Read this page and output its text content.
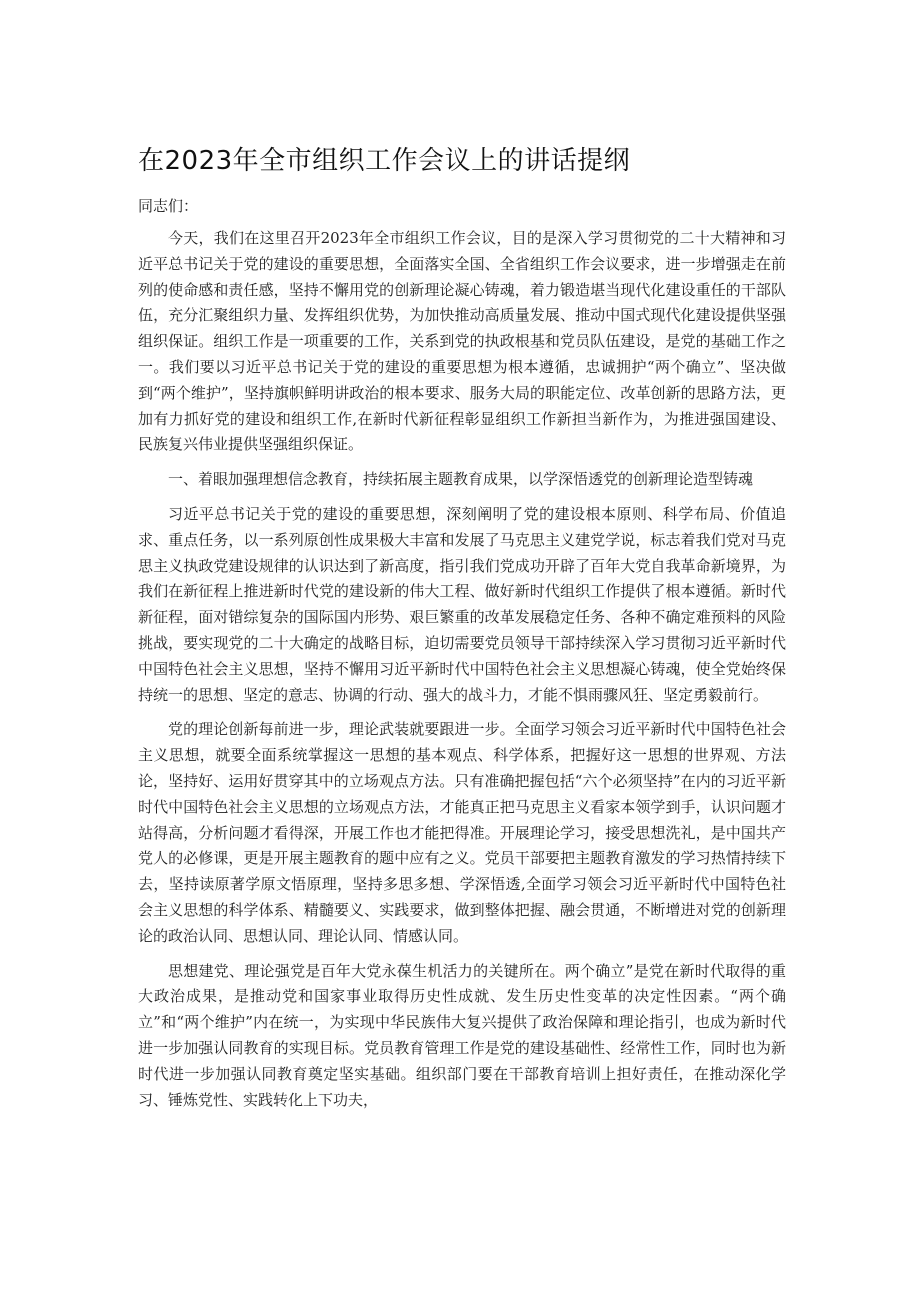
在2023年全市组织工作会议上的讲话提纲

同志们：

今天，我们在这里召开2023年全市组织工作会议，目的是深入学习贯彻党的二十大精神和习近平总书记关于党的建设的重要思想，全面落实全国、全省组织工作会议要求，进一步增强走在前列的使命感和责任感，坚持不懈用党的创新理论凝心铸魂，着力锻造堪当现代化建设重任的干部队伍，充分汇聚组织力量、发挥组织优势，为加快推动高质量发展、推动中国式现代化建设提供坚强组织保证。组织工作是一项重要的工作，关系到党的执政根基和党员队伍建设，是党的基础工作之一。我们要以习近平总书记关于党的建设的重要思想为根本遵循，忠诚拥护“两个确立”、坚决做到“两个维护”，坚持旗帜鲜明讲政治的根本要求、服务大局的职能定位、改革创新的思路方法，更加有力抓好党的建设和组织工作,在新时代新征程彰显组织工作新担当新作为，为推进强国建设、民族复兴伟业提供坚强组织保证。

一、着眼加强理想信念教育，持续拓展主题教育成果，以学深悟透党的创新理论造型铸魂

习近平总书记关于党的建设的重要思想，深刻阐明了党的建设根本原则、科学布局、价值追求、重点任务，以一系列原创性成果极大丰富和发展了马克思主义建党学说，标志着我们党对马克思主义执政党建设规律的认识达到了新高度，指引我们党成功开辟了百年大党自我革命新境界，为我们在新征程上推进新时代党的建设新的伟大工程、做好新时代组织工作提供了根本遵循。新时代新征程，面对错综复杂的国际国内形势、艰巨繁重的改革发展稳定任务、各种不确定难预料的风险挑战，要实现党的二十大确定的战略目标，迫切需要党员领导干部持续深入学习贯彻习近平新时代中国特色社会主义思想，坚持不懈用习近平新时代中国特色社会主义思想凝心铸魂，使全党始终保持统一的思想、坚定的意志、协调的行动、强大的战斗力，才能不惧雨骤风狂、坚定勇毅前行。

党的理论创新每前进一步，理论武装就要跟进一步。全面学习领会习近平新时代中国特色社会主义思想，就要全面系统掌握这一思想的基本观点、科学体系，把握好这一思想的世界观、方法论，坚持好、运用好贯穿其中的立场观点方法。只有准确把握包括“六个必须坚持”在内的习近平新时代中国特色社会主义思想的立场观点方法，才能真正把马克思主义看家本领学到手，认识问题才站得高，分析问题才看得深，开展工作也才能把得准。开展理论学习，接受思想洗礼，是中国共产党人的必修课，更是开展主题教育的题中应有之义。党员干部要把主题教育激发的学习热情持续下去，坚持读原著学原文悟原理，坚持多思多想、学深悟透,全面学习领会习近平新时代中国特色社会主义思想的科学体系、精髓要义、实践要求，做到整体把握、融会贯通，不断增进对党的创新理论的政治认同、思想认同、理论认同、情感认同。

思想建党、理论强党是百年大党永葆生机活力的关键所在。两个确立”是党在新时代取得的重大政治成果，是推动党和国家事业取得历史性成就、发生历史性变革的决定性因素。“两个确立”和“两个维护”内在统一，为实现中华民族伟大复兴提供了政治保障和理论指引，也成为新时代进一步加强认同教育的实现目标。党员教育管理工作是党的建设基础性、经常性工作，同时也为新时代进一步加强认同教育奠定坚实基础。组织部门要在干部教育培训上担好责任，在推动深化学习、锤炼党性、实践转化上下功夫，
